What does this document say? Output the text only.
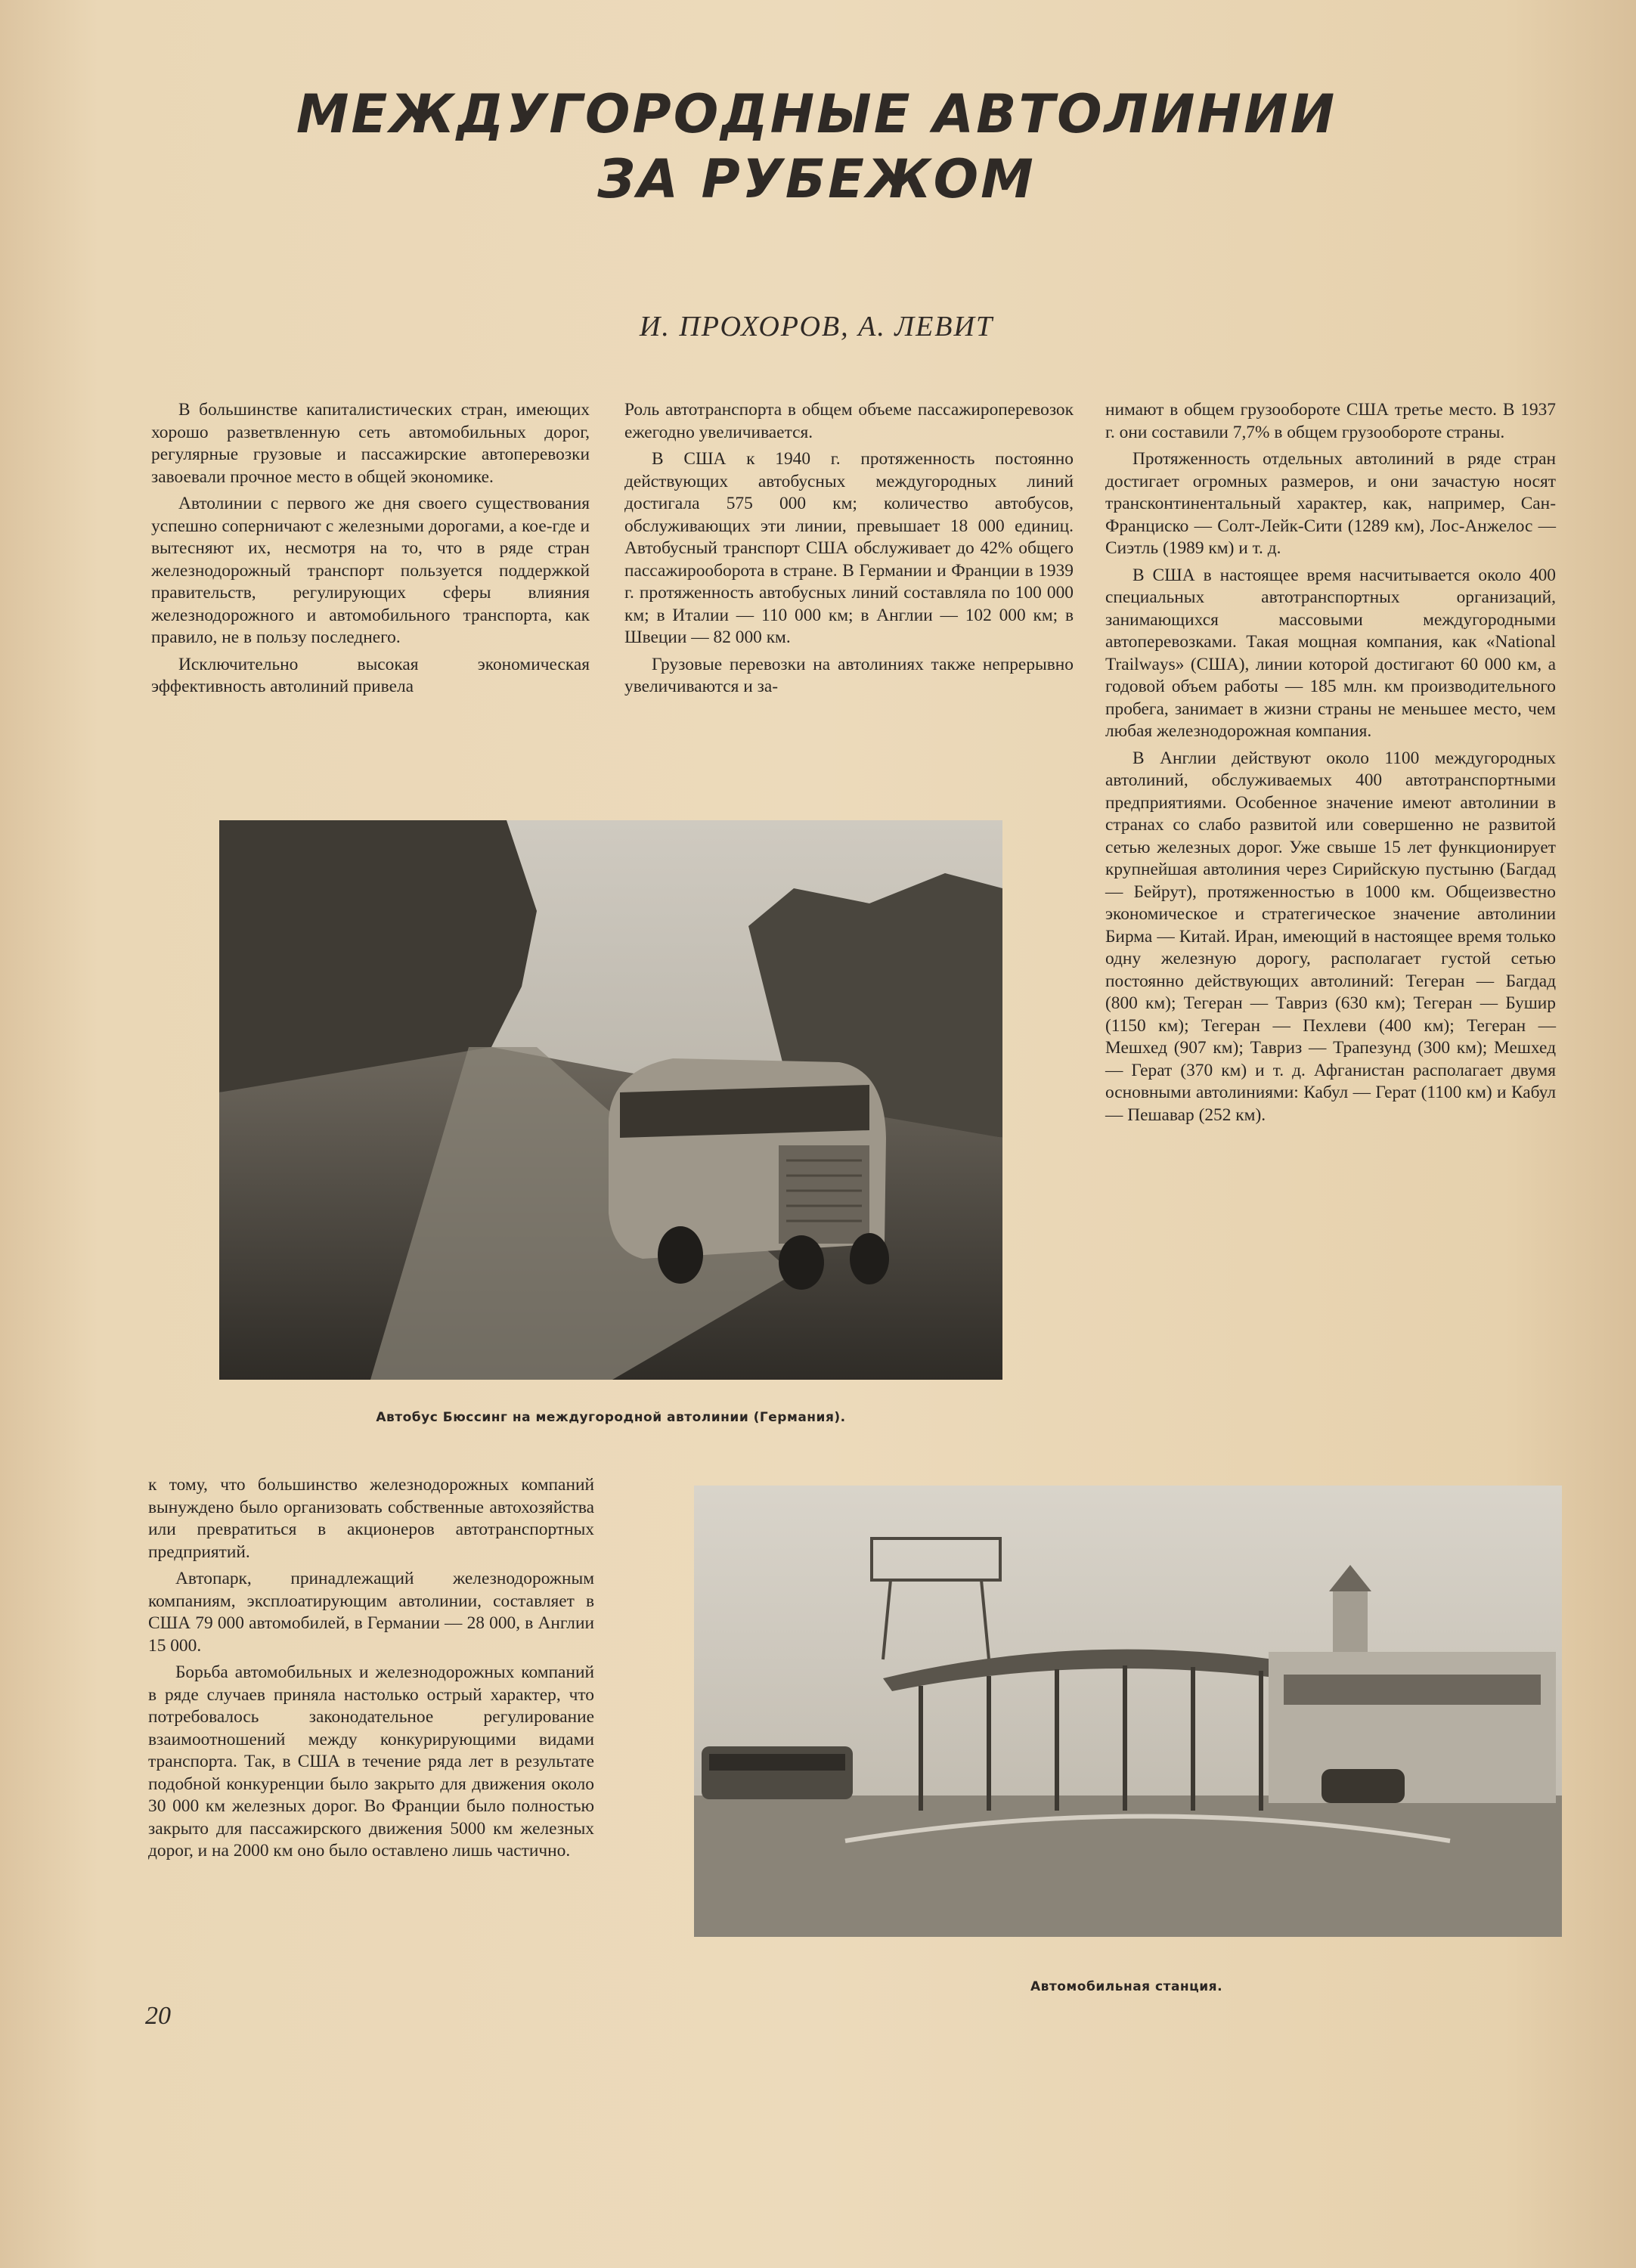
МЕЖДУГОРОДНЫЕ АВТОЛИНИИ
ЗА РУБЕЖОМ
И. ПРОХОРОВ, А. ЛЕВИТ

В большинстве капиталистических стран, имеющих хорошо разветвленную сеть автомобильных дорог, регулярные грузовые и пассажирские автоперевозки завоевали прочное место в общей экономике.

Автолинии с первого же дня своего существования успешно соперничают с железными дорогами, а кое-где и вытесняют их, несмотря на то, что в ряде стран железнодорожный транспорт пользуется поддержкой правительств, регулирующих сферы влияния железнодорожного и автомобильного транспорта, как правило, не в пользу последнего.

Исключительно высокая экономическая эффективность автолиний привела

Роль автотранспорта в общем объеме пассажироперевозок ежегодно увеличивается.

В США к 1940 г. протяженность постоянно действующих автобусных междугородных линий достигала 575 000 км; количество автобусов, обслуживающих эти линии, превышает 18 000 единиц. Автобусный транспорт США обслуживает до 42% общего пассажирооборота в стране. В Германии и Франции в 1939 г. протяженность автобусных линий составляла по 100 000 км; в Италии — 110 000 км; в Англии — 102 000 км; в Швеции — 82 000 км.

Грузовые перевозки на автолиниях также непрерывно увеличиваются и за-

нимают в общем грузообороте США третье место. В 1937 г. они составили 7,7% в общем грузообороте страны.

Протяженность отдельных автолиний в ряде стран достигает огромных размеров, и они зачастую носят трансконтинентальный характер, как, например, Сан-Франциско — Солт-Лейк-Сити (1289 км), Лос-Анжелос — Сиэтль (1989 км) и т. д.

В США в настоящее время насчитывается около 400 специальных автотранспортных организаций, занимающихся массовыми междугородными автоперевозками. Такая мощная компания, как «National Trailways» (США), линии которой достигают 60 000 км, а годовой объем работы — 185 млн. км производительного пробега, занимает в жизни страны не меньшее место, чем любая железнодорожная компания.

В Англии действуют около 1100 междугородных автолиний, обслуживаемых 400 автотранспортными предприятиями. Особенное значение имеют автолинии в странах со слабо развитой или совершенно не развитой сетью железных дорог. Уже свыше 15 лет функционирует крупнейшая автолиния через Сирийскую пустыню (Багдад — Бейрут), протяженностью в 1000 км. Общеизвестно экономическое и стратегическое значение автолинии Бирма — Китай. Иран, имеющий в настоящее время только одну железную дорогу, располагает густой сетью постоянно действующих автолиний: Тегеран — Багдад (800 км); Тегеран — Тавриз (630 км); Тегеран — Бушир (1150 км); Тегеран — Пехлеви (400 км); Тегеран — Мешхед (907 км); Тавриз — Трапезунд (300 км); Мешхед — Герат (370 км) и т. д. Афганистан располагает двумя основными автолиниями: Кабул — Герат (1100 км) и Кабул — Пешавар (252 км).

Автобус Бюссинг на междугородной автолинии (Германия).

к тому, что большинство железнодорожных компаний вынуждено было организовать собственные автохозяйства или превратиться в акционеров автотранспортных предприятий.

Автопарк, принадлежащий железнодорожным компаниям, эксплоатирующим автолинии, составляет в США 79 000 автомобилей, в Германии — 28 000, в Англии 15 000.

Борьба автомобильных и железнодорожных компаний в ряде случаев приняла настолько острый характер, что потребовалось законодательное регулирование взаимоотношений между конкурирующими видами транспорта. Так, в США в течение ряда лет в результате подобной конкуренции было закрыто для движения около 30 000 км железных дорог. Во Франции было полностью закрыто для пассажирского движения 5000 км железных дорог, и на 2000 км оно было оставлено лишь частично.

Автомобильная станция.
20
